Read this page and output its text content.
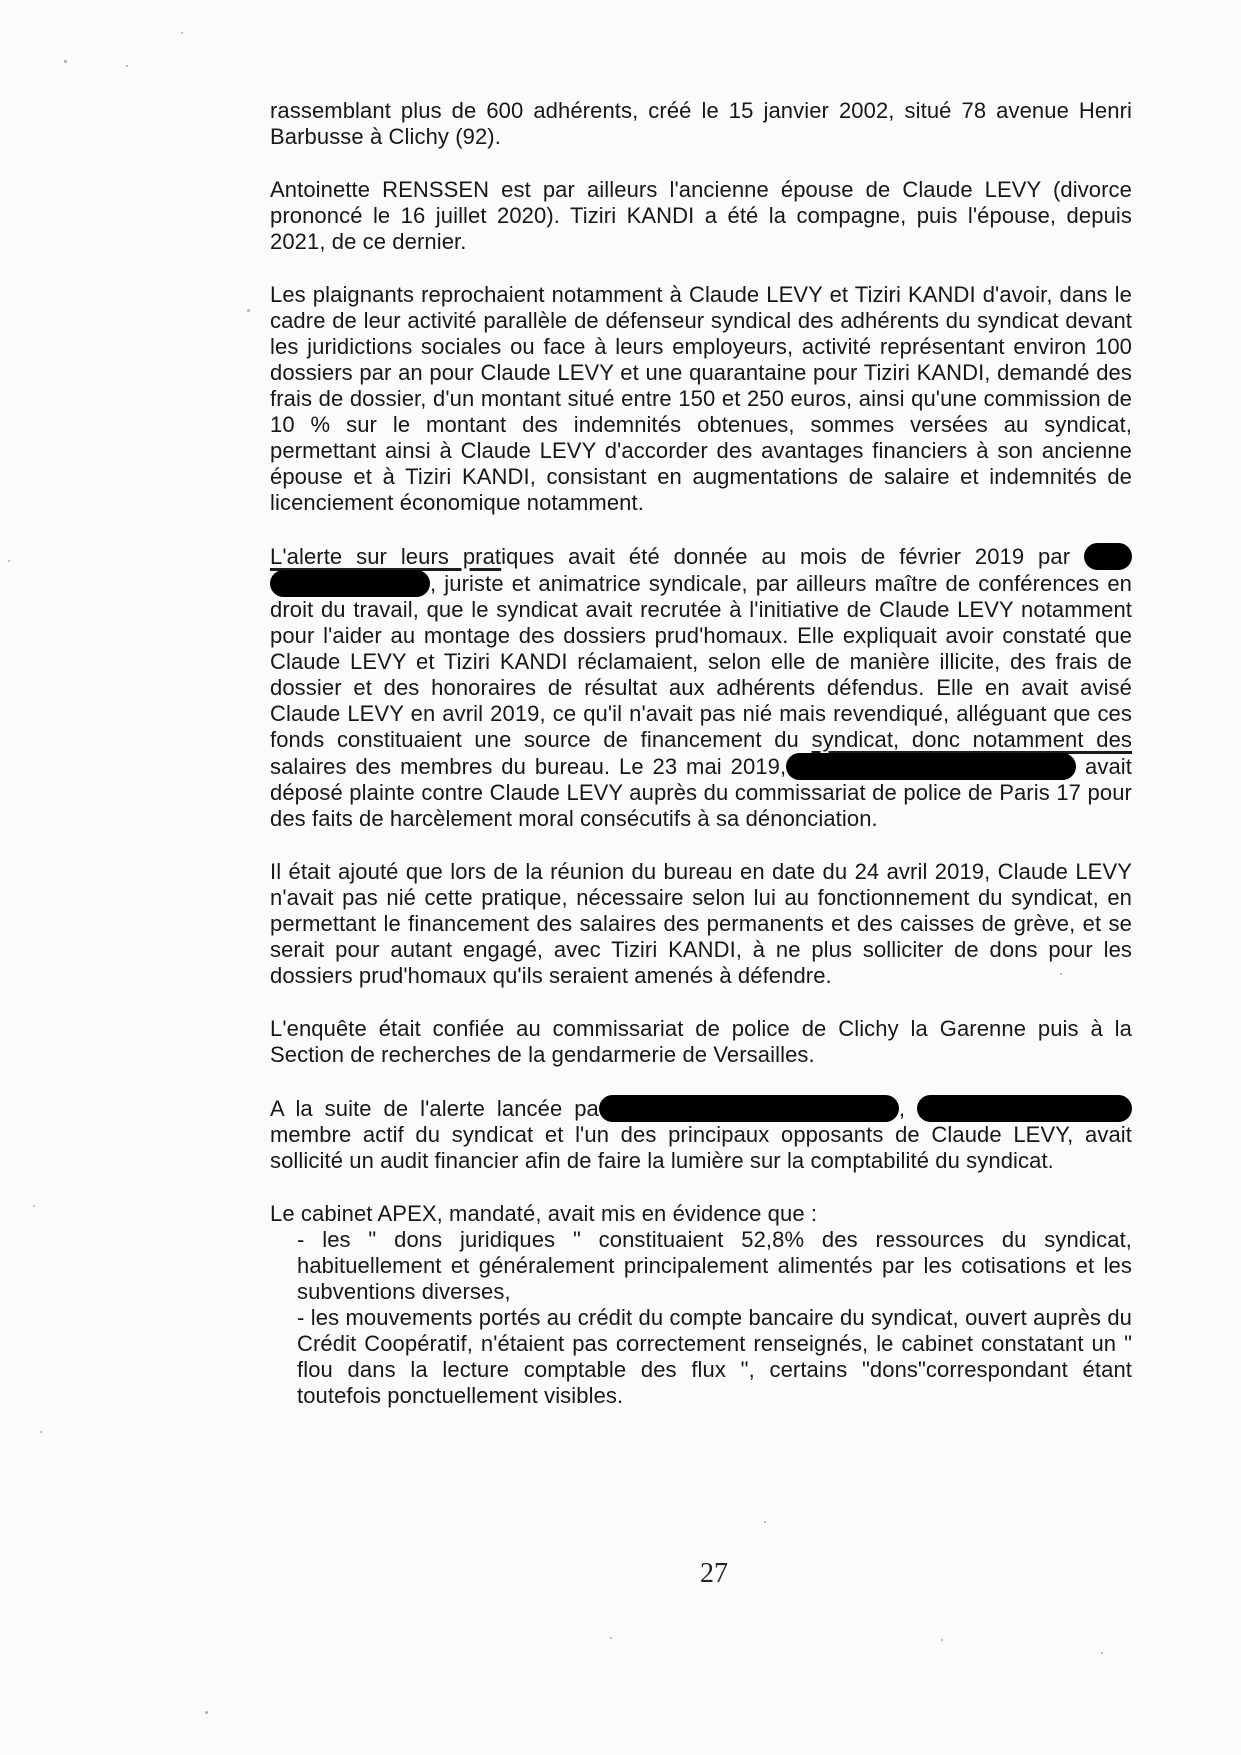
rassemblant plus de 600 adhérents, créé le 15 janvier 2002, situé 78 avenue Henri Barbusse à Clichy (92).

Antoinette RENSSEN est par ailleurs l'ancienne épouse de Claude LEVY (divorce prononcé le 16 juillet 2020). Tiziri KANDI a été la compagne, puis l'épouse, depuis 2021, de ce dernier.

Les plaignants reprochaient notamment à Claude LEVY et Tiziri KANDI d'avoir, dans le cadre de leur activité parallèle de défenseur syndical des adhérents du syndicat devant les juridictions sociales ou face à leurs employeurs, activité représentant environ 100 dossiers par an pour Claude LEVY et une quarantaine pour Tiziri KANDI, demandé des frais de dossier, d'un montant situé entre 150 et 250 euros, ainsi qu'une commission de 10 % sur le montant des indemnités obtenues, sommes versées au syndicat, permettant ainsi à Claude LEVY d'accorder des avantages financiers à son ancienne épouse et à Tiziri KANDI, consistant en augmentations de salaire et indemnités de licenciement économique notamment.

L'alerte sur leurs pratiques avait été donnée au mois de février 2019 par  , juriste et animatrice syndicale, par ailleurs maître de conférences en droit du travail, que le syndicat avait recrutée à l'initiative de Claude LEVY notamment pour l'aider au montage des dossiers prud'homaux. Elle expliquait avoir constaté que Claude LEVY et Tiziri KANDI réclamaient, selon elle de manière illicite, des frais de dossier et des honoraires de résultat aux adhérents défendus. Elle en avait avisé Claude LEVY en avril 2019, ce qu'il n'avait pas nié mais revendiqué, alléguant que ces fonds constituaient une source de financement du syndicat, donc notamment des salaires des membres du bureau. Le 23 mai 2019,	avait déposé plainte contre Claude LEVY auprès du commissariat de police de Paris 17 pour des faits de harcèlement moral consécutifs à sa dénonciation.

Il était ajouté que lors de la réunion du bureau en date du 24 avril 2019, Claude LEVY n'avait pas nié cette pratique, nécessaire selon lui au fonctionnement du syndicat, en permettant le financement des salaires des permanents et des caisses de grève, et se serait pour autant engagé, avec Tiziri KANDI, à ne plus solliciter de dons pour les dossiers prud'homaux qu'ils seraient amenés à défendre.

L'enquête était confiée au commissariat de police de Clichy la Garenne puis à la Section de recherches de la gendarmerie de Versailles.

A la suite de l'alerte lancée pa	,  membre actif du syndicat et l'un des principaux opposants de Claude LEVY, avait sollicité un audit financier afin de faire la lumière sur la comptabilité du syndicat.

Le cabinet APEX, mandaté, avait mis en évidence que :

- les " dons juridiques " constituaient 52,8% des ressources du syndicat, habituellement et généralement principalement alimentés par les cotisations et les subventions diverses,

- les mouvements portés au crédit du compte bancaire du syndicat, ouvert auprès du Crédit Coopératif, n'étaient pas correctement renseignés, le cabinet constatant un " flou dans la lecture comptable des flux ", certains "dons"correspondant étant toutefois ponctuellement visibles.

27
